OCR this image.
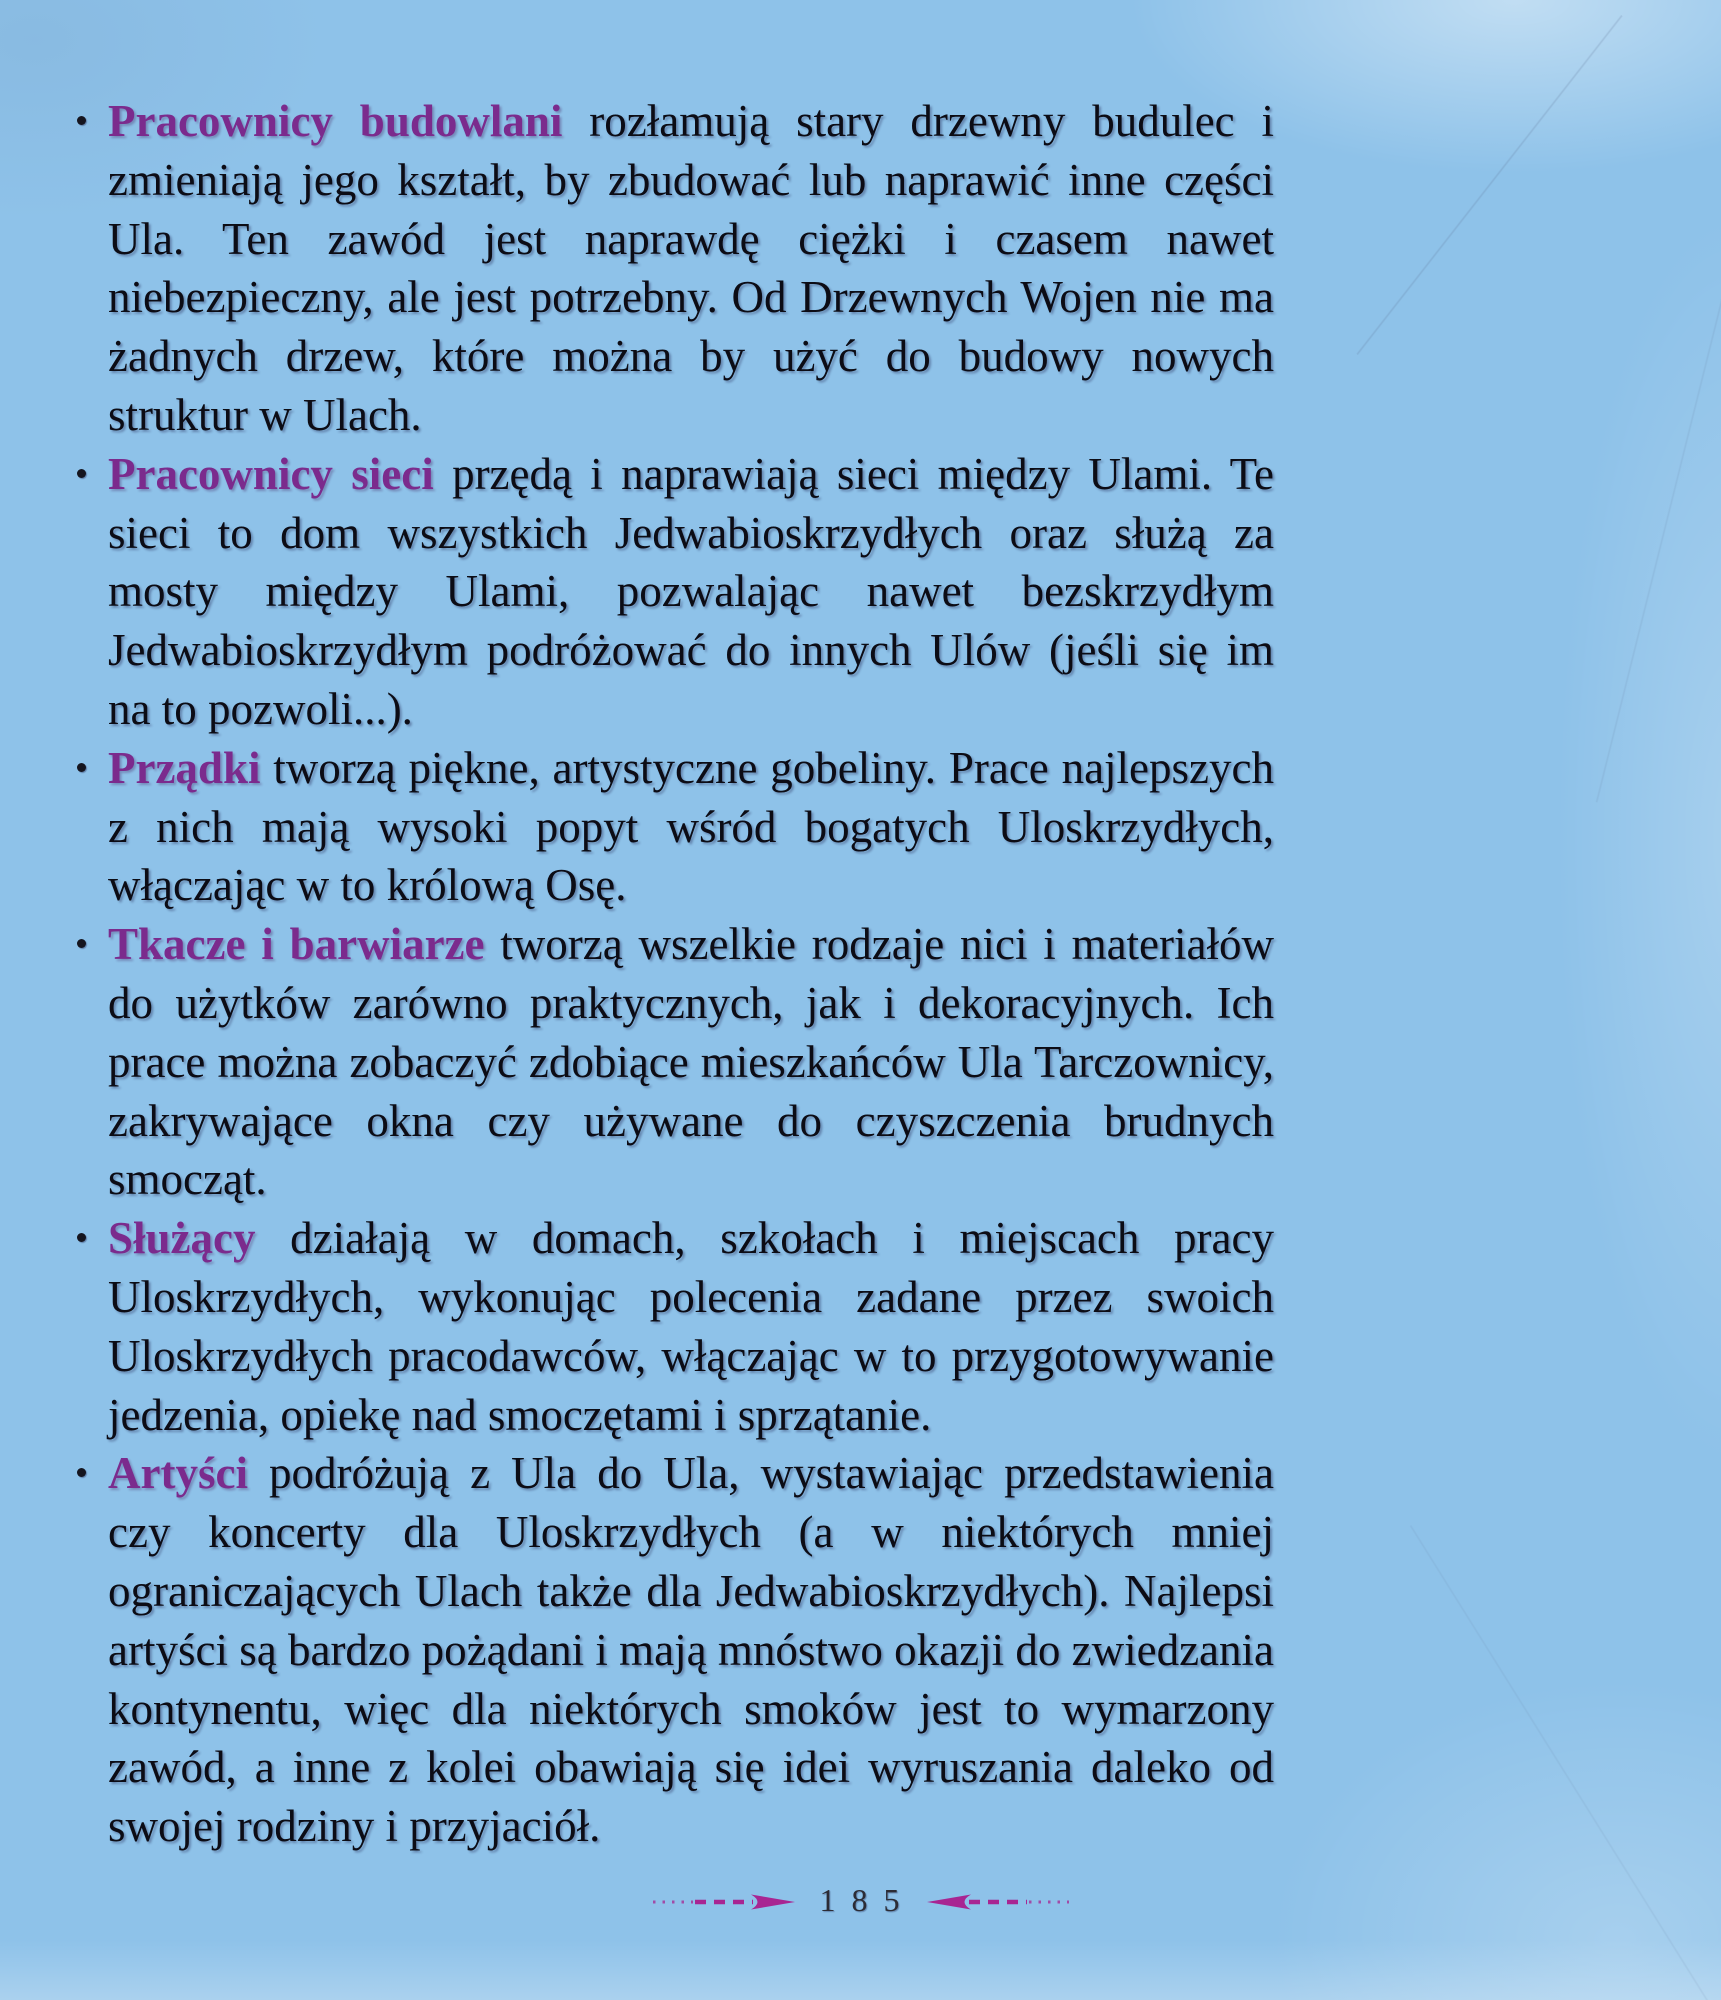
Pracownicy budowlani rozłamują stary drzewny budulec i zmieniają jego kształt, by zbudować lub naprawić inne części Ula. Ten zawód jest naprawdę ciężki i czasem nawet niebezpieczny, ale jest potrzebny. Od Drzewnych Wojen nie ma żadnych drzew, które można by użyć do budowy nowych struktur w Ulach.
Pracownicy sieci przędą i naprawiają sieci między Ulami. Te sieci to dom wszystkich Jedwabioskrzydłych oraz służą za mosty między Ulami, pozwalając nawet bezskrzydłym Jedwabioskrzydłym podróżować do innych Ulów (jeśli się im na to pozwoli...).
Prządki tworzą piękne, artystyczne gobeliny. Prace najlepszych z nich mają wysoki popyt wśród bogatych Uloskrzydłych, włączając w to królową Osę.
Tkacze i barwiarze tworzą wszelkie rodzaje nici i materiałów do użytków zarówno praktycznych, jak i dekoracyjnych. Ich prace można zobaczyć zdobiące mieszkańców Ula Tarczownicy, zakrywające okna czy używane do czyszczenia brudnych smocząt.
Służący działają w domach, szkołach i miejscach pracy Uloskrzydłych, wykonując polecenia zadane przez swoich Uloskrzydłych pracodawców, włączając w to przygotowywanie jedzenia, opiekę nad smoczętami i sprzątanie.
Artyści podróżują z Ula do Ula, wystawiając przedstawienia czy koncerty dla Uloskrzydłych (a w niektórych mniej ograniczających Ulach także dla Jedwabioskrzydłych). Najlepsi artyści są bardzo pożądani i mają mnóstwo okazji do zwiedzania kontynentu, więc dla niektórych smoków jest to wymarzony zawód, a inne z kolei obawiają się idei wyruszania daleko od swojej rodziny i przyjaciół.
185
